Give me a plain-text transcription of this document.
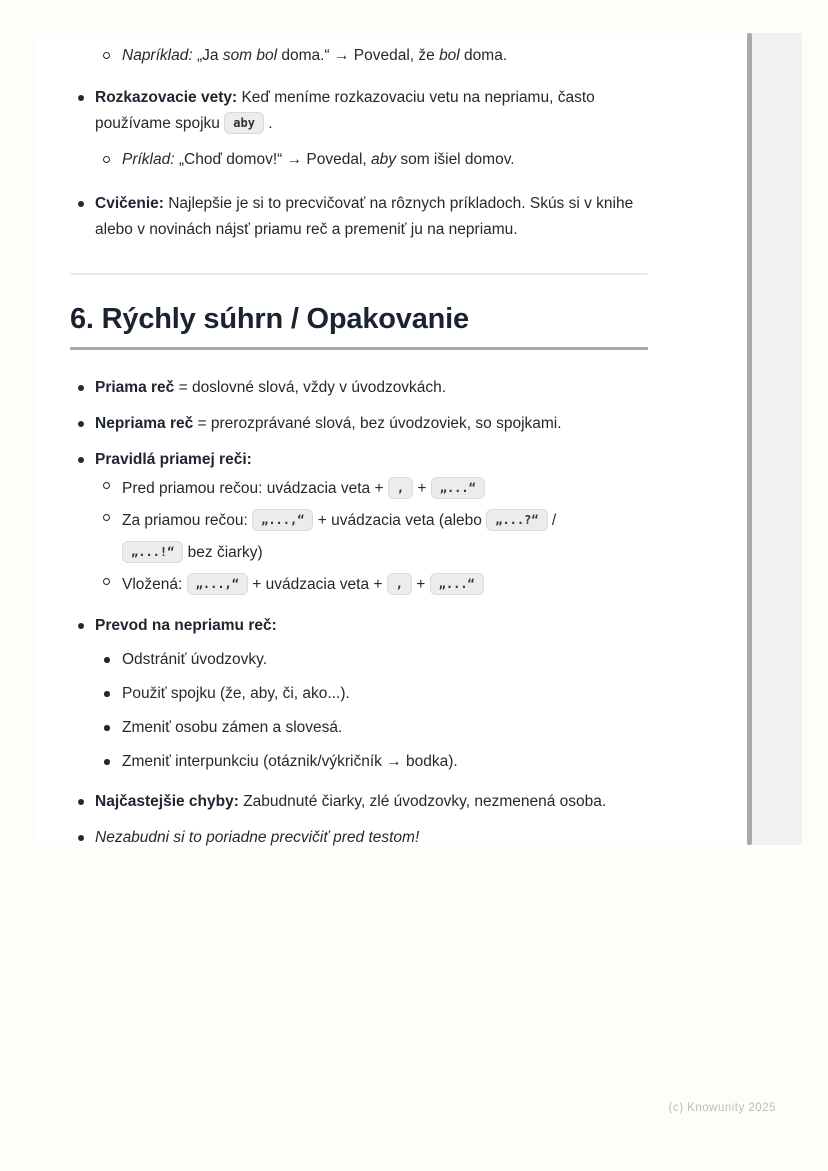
Napríklad: „Ja som bol doma.“ → Povedal, že bol doma.
Rozkazovacie vety: Keď meníme rozkazovaciu vetu na nepriamu, často používame spojku aby .
Príklad: „Choď domov!“ → Povedal, aby som išiel domov.
Cvičenie: Najlepšie je si to precvičovať na rôznych príkladoch. Skús si v knihe alebo v novinách nájsť priamu reč a premeniť ju na nepriamu.
6. Rýchly súhrn / Opakovanie
Priama reč = doslovné slová, vždy v úvodzovkách.
Nepriama reč = prerozprávané slová, bez úvodzoviek, so spojkami.
Pravidlá priamej reči:
Pred priamou rečou: uvádzacia veta + , + „...“
Za priamou rečou: „...,“ + uvádzacia veta (alebo „...?“ /
„...!“ bez čiarky)
Vložená: „...,“ + uvádzacia veta + , + „...“
Prevod na nepriamu reč:
Odstrániť úvodzovky.
Použiť spojku (že, aby, či, ako...).
Zmeniť osobu zámen a slovesá.
Zmeniť interpunkciu (otáznik/výkričník → bodka).
Najčastejšie chyby: Zabudnuté čiarky, zlé úvodzovky, nezmenená osoba.
Nezabudni si to poriadne precvičiť pred testom!
(c) Knowunity 2025
